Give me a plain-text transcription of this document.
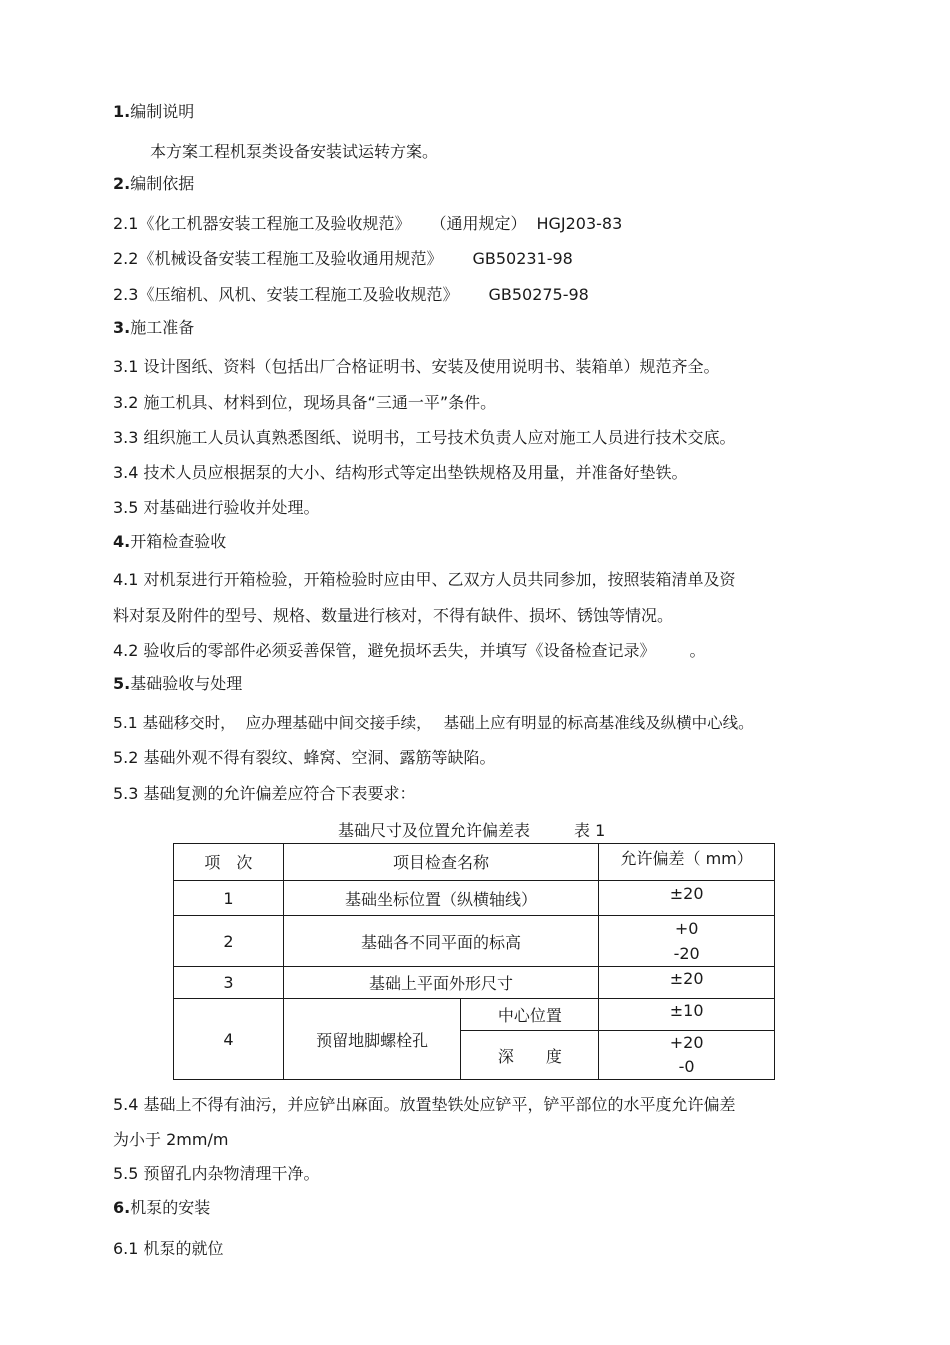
1.编制说明
本方案工程机泵类设备安装试运转方案。
2.编制依据
2.1《化工机器安装工程施工及验收规范》 （通用规定） HGJ203-83
2.2《机械设备安装工程施工及验收通用规范》 GB50231-98
2.3《压缩机、风机、安装工程施工及验收规范》 GB50275-98
3.施工准备
3.1 设计图纸、资料（包括出厂合格证明书、安装及使用说明书、装箱单）规范齐全。
3.2 施工机具、材料到位，现场具备“三通一平”条件。
3.3 组织施工人员认真熟悉图纸、说明书，工号技术负责人应对施工人员进行技术交底。
3.4 技术人员应根据泵的大小、结构形式等定出垫铁规格及用量，并准备好垫铁。
3.5 对基础进行验收并处理。
4.开箱检查验收
4.1 对机泵进行开箱检验，开箱检验时应由甲、乙双方人员共同参加，按照装箱清单及资
料对泵及附件的型号、规格、数量进行核对，不得有缺件、损坏、锈蚀等情况。
4.2 验收后的零部件必须妥善保管，避免损坏丢失，并填写《设备检查记录》 。
5.基础验收与处理
5.1 基础移交时， 应办理基础中间交接手续， 基础上应有明显的标高基准线及纵横中心线。
5.2 基础外观不得有裂纹、蜂窝、空洞、露筋等缺陷。
5.3 基础复测的允许偏差应符合下表要求：
基础尺寸及位置允许偏差表	表 1
项　次	项目检查名称		允许偏差（ mm）
1	基础坐标位置（纵横轴线）		±20
2	基础各不同平面的标高		+0
-20

3	基础上平面外形尺寸		±20
4	预留地脚螺栓孔	中心位置	±10
		深　　度	+20
-0
5.4 基础上不得有油污，并应铲出麻面。放置垫铁处应铲平，铲平部位的水平度允许偏差
为小于 2mm/m
5.5 预留孔内杂物清理干净。
6.机泵的安装
6.1 机泵的就位
